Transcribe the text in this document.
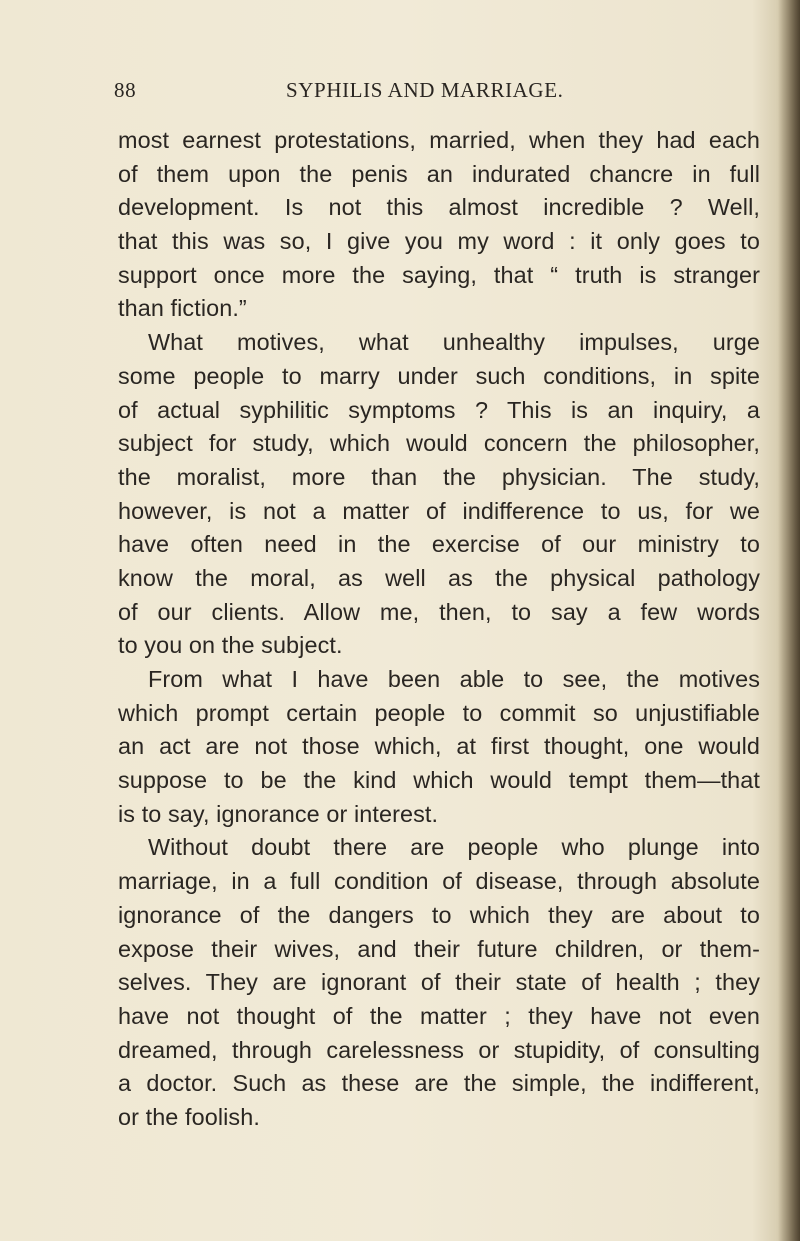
88	SYPHILIS AND MARRIAGE.
most earnest protestations, married, when they had each
of them upon the penis an indurated chancre in full
development. Is not this almost incredible ? Well,
that this was so, I give you my word : it only goes to
support once more the saying, that “ truth is stranger
than fiction.”
What motives, what unhealthy impulses, urge
some people to marry under such conditions, in spite
of actual syphilitic symptoms ? This is an inquiry, a
subject for study, which would concern the philosopher,
the moralist, more than the physician. The study,
however, is not a matter of indifference to us, for we
have often need in the exercise of our ministry to
know the moral, as well as the physical pathology
of our clients. Allow me, then, to say a few words
to you on the subject.
From what I have been able to see, the motives
which prompt certain people to commit so unjustifiable
an act are not those which, at first thought, one would
suppose to be the kind which would tempt them—that
is to say, ignorance or interest.
Without doubt there are people who plunge into
marriage, in a full condition of disease, through absolute
ignorance of the dangers to which they are about to
expose their wives, and their future children, or them-
selves. They are ignorant of their state of health ; they
have not thought of the matter ; they have not even
dreamed, through carelessness or stupidity, of consulting
a doctor. Such as these are the simple, the indifferent,
or the foolish.
